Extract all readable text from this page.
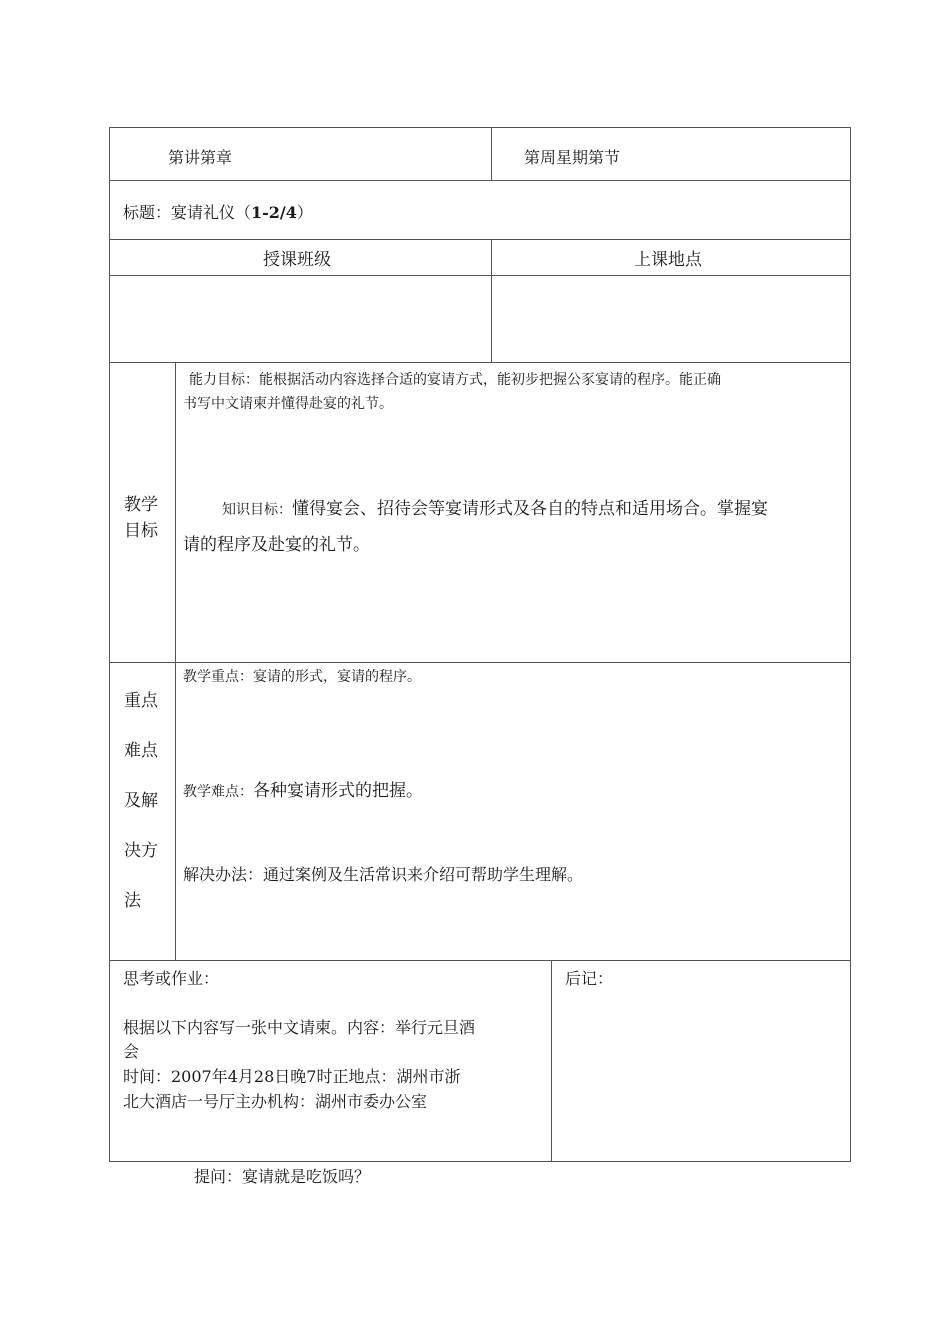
第讲第章	第周星期第节
标题：宴请礼仪（1-2/4）
授课班级	上课地点
教学
目标
能力目标：能根据活动内容选择合适的宴请方式，能初步把握公豕宴请的程序。能正确
书写中文请柬并懂得赴宴的礼节。
知识目标：懂得宴会、招待会等宴请形式及各自的特点和适用场合。掌握宴
请的程序及赴宴的礼节。
重点
难点
及解
决方
法
教学重点：宴请的形式，宴请的程序。
教学难点：各种宴请形式的把握。
解决办法：通过案例及生活常识来介绍可帮助学生理解。
思考或作业：
根据以下内容写一张中文请柬。内容：举行元旦酒
会
时间：2007年4月28日晚7时正地点：湖州市浙
北大酒店一号厅主办机构：湖州市委办公室
后记：
提问：宴请就是吃饭吗？
